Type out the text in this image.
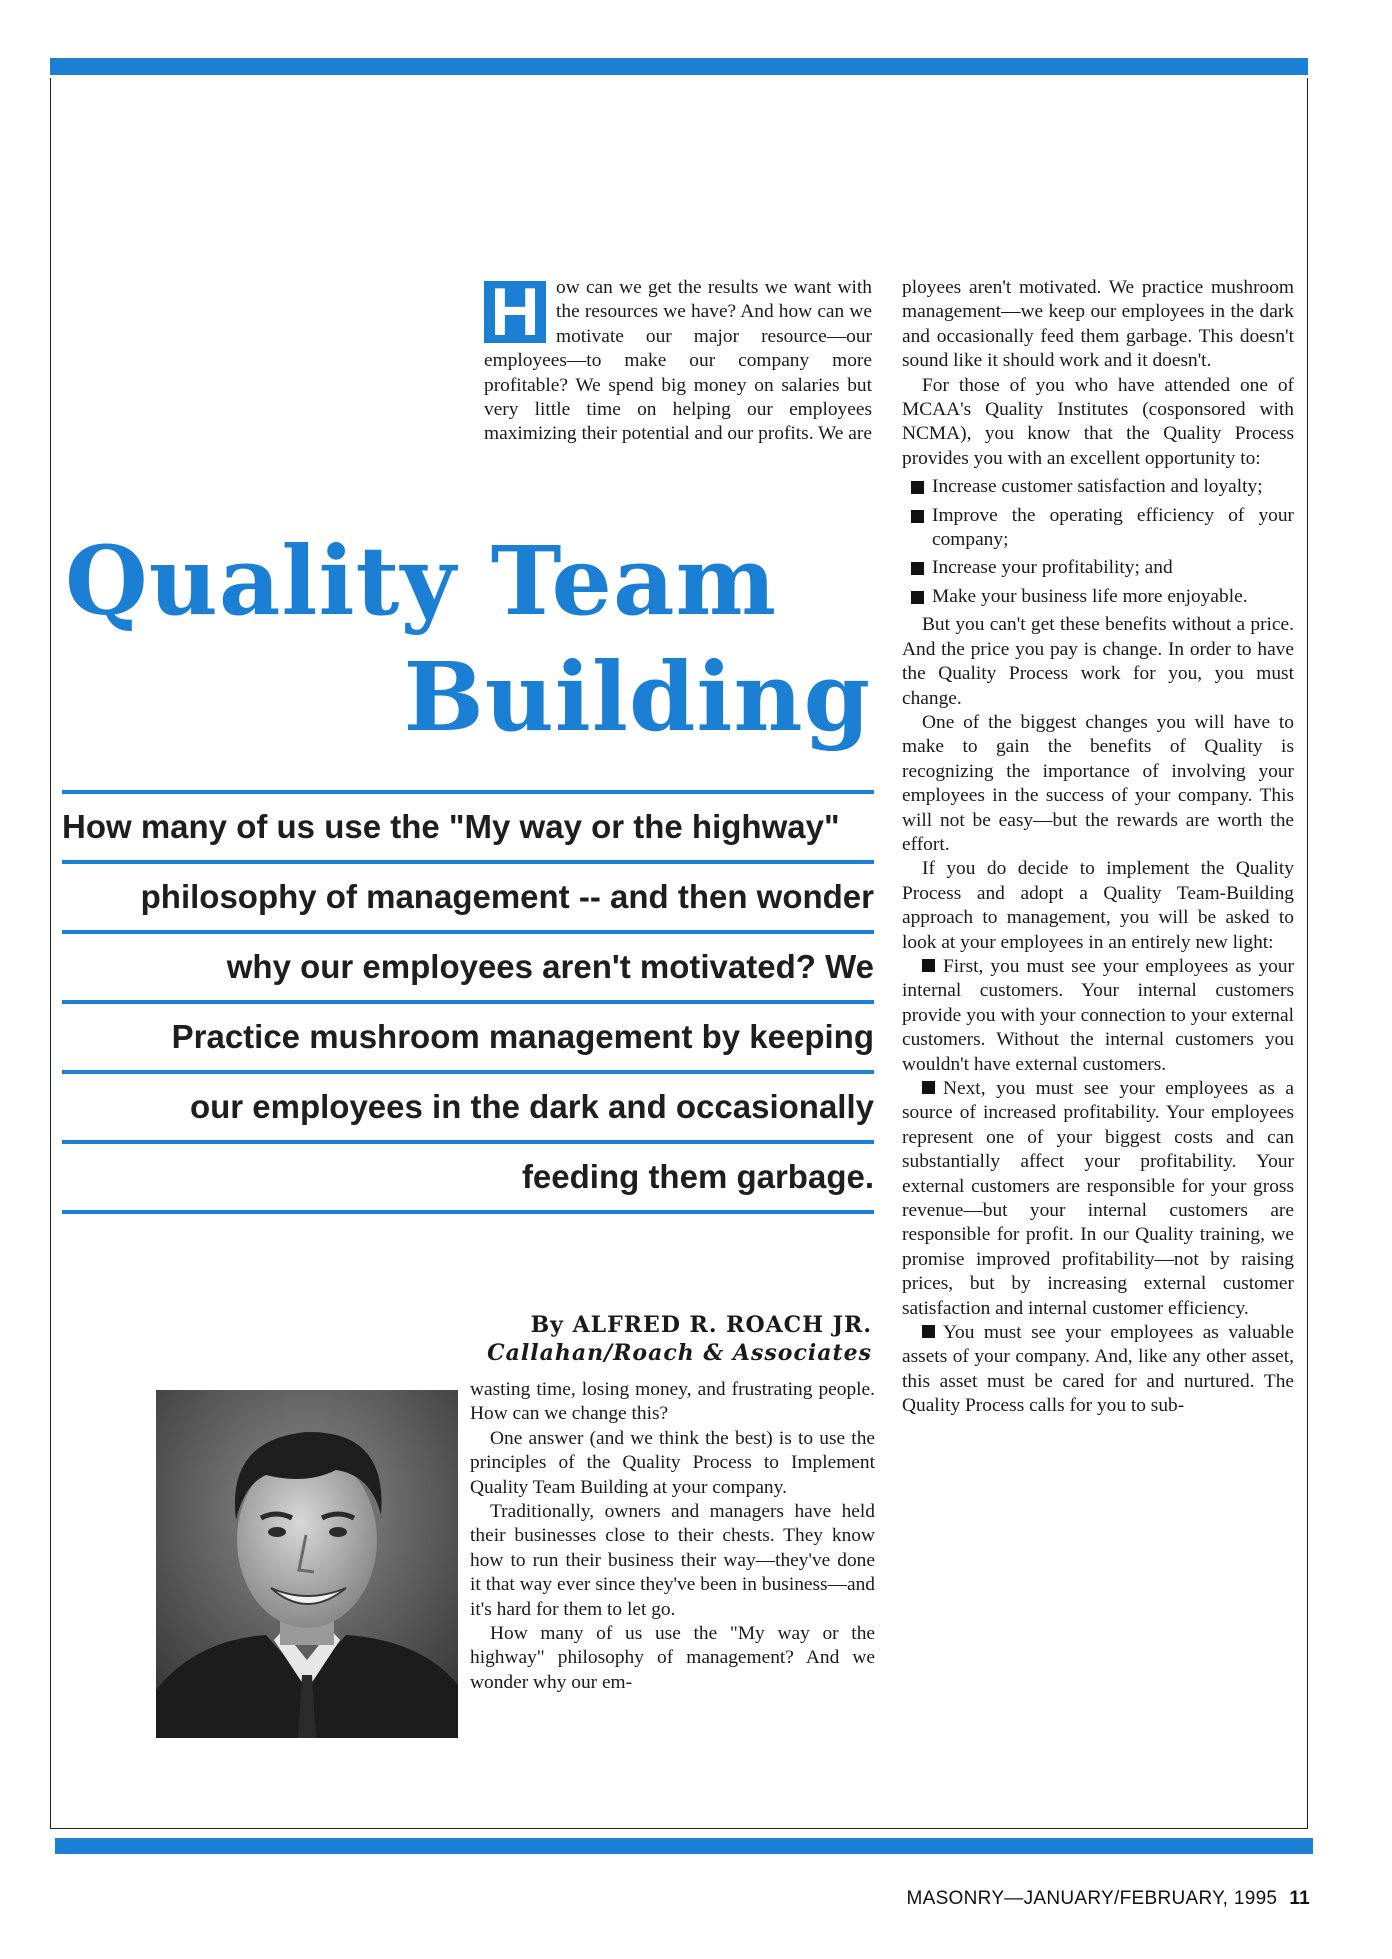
H ow can we get the results we want with the resources we have? And how can we motivate our major resource—our employees—to make our company more profitable? We spend big money on salaries but very little time on helping our employees maximizing their potential and our profits. We are

Quality Team
Building
How many of us use the "My way or the highway"
philosophy of management -- and then wonder
why our employees aren't motivated? We
Practice mushroom management by keeping
our employees in the dark and occasionally
feeding them garbage.
By ALFRED R. ROACH JR.
Callahan/Roach & Associates

wasting time, losing money, and frustrating people. How can we change this?

One answer (and we think the best) is to use the principles of the Quality Process to Implement Quality Team Building at your company.

Traditionally, owners and managers have held their businesses close to their chests. They know how to run their business their way—they've done it that way ever since they've been in business—and it's hard for them to let go.

How many of us use the "My way or the highway" philosophy of management? And we wonder why our em-

ployees aren't motivated. We practice mushroom management—we keep our employees in the dark and occasionally feed them garbage. This doesn't sound like it should work and it doesn't.

For those of you who have attended one of MCAA's Quality Institutes (cosponsored with NCMA), you know that the Quality Process provides you with an excellent opportunity to:

Increase customer satisfaction and loyalty;
Improve the operating efficiency of your company;
Increase your profitability; and
Make your business life more enjoyable.

But you can't get these benefits without a price. And the price you pay is change. In order to have the Quality Process work for you, you must change.

One of the biggest changes you will have to make to gain the benefits of Quality is recognizing the importance of involving your employees in the success of your company. This will not be easy—but the rewards are worth the effort.

If you do decide to implement the Quality Process and adopt a Quality Team-Building approach to management, you will be asked to look at your employees in an entirely new light:

First, you must see your employees as your internal customers. Your internal customers provide you with your connection to your external customers. Without the internal customers you wouldn't have external customers.

Next, you must see your employees as a source of increased profitability. Your employees represent one of your biggest costs and can substantially affect your profitability. Your external customers are responsible for your gross revenue—but your internal customers are responsible for profit. In our Quality training, we promise improved profitability—not by raising prices, but by increasing external customer satisfaction and internal customer efficiency.

You must see your employees as valuable assets of your company. And, like any other asset, this asset must be cared for and nurtured. The Quality Process calls for you to sub-

MASONRY—JANUARY/FEBRUARY, 1995 11
